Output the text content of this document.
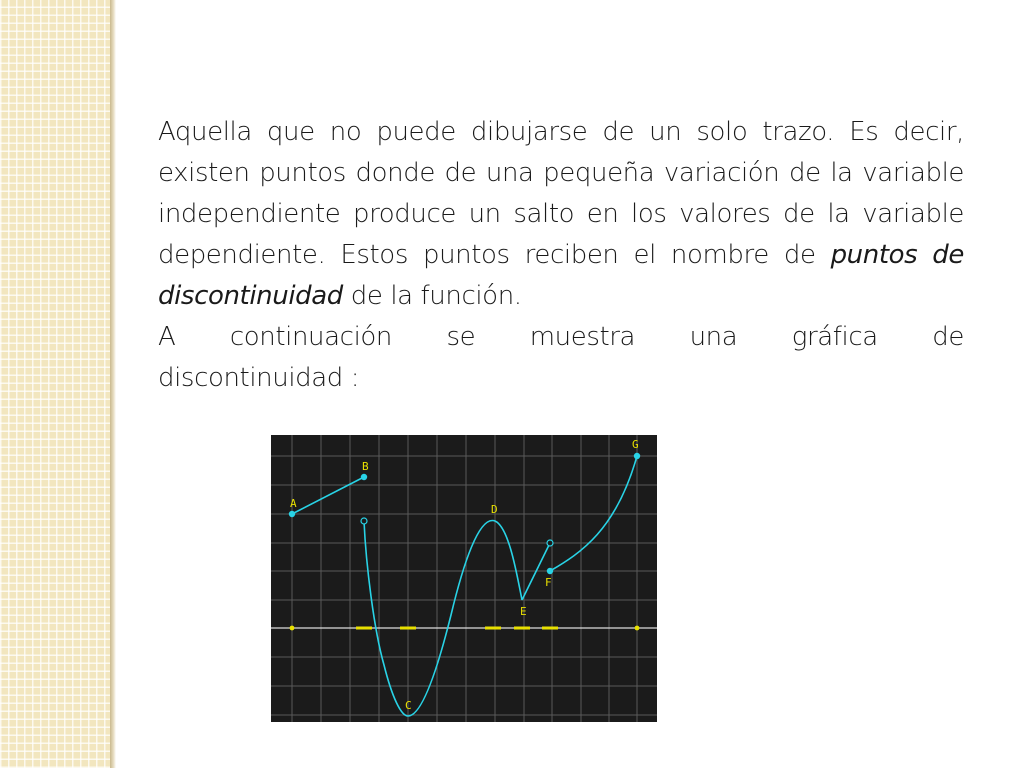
Aquella que no puede dibujarse de un solo trazo. Es decir, existen puntos donde de una pequeña variación de la variable independiente produce un salto en los valores de la variable dependiente. Estos puntos reciben el nombre de puntos de discontinuidad de la función.

A continuación se muestra una gráfica de

discontinuidad :

A
B
C
D
E
F
G
